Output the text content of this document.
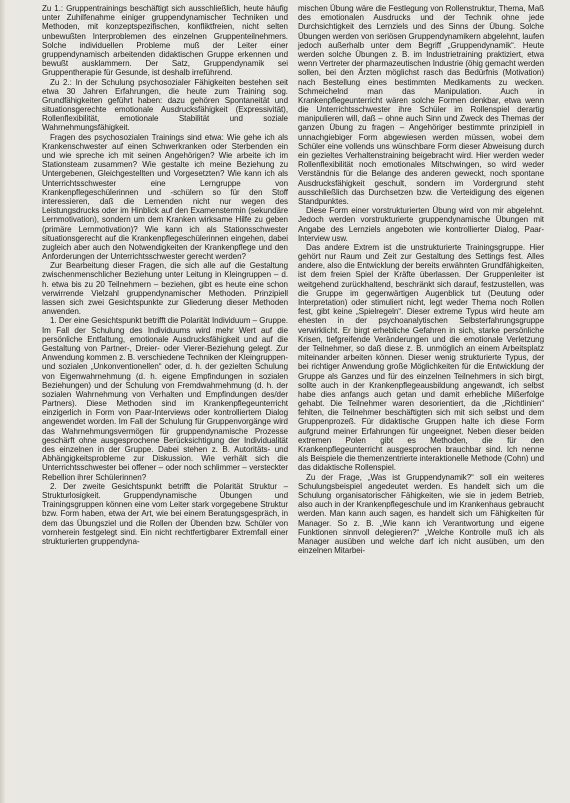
Zu 1.: Gruppentrainings beschäftigt sich ausschließlich, heute häufig unter Zuhilfenahme einiger gruppendynamischer Techniken und Methoden, mit konzeptspezifischen, konfliktfreien, nicht selten unbewußten Interproblemen des einzelnen Gruppenteilnehmers. Solche individuellen Probleme muß der Leiter einer gruppendynamisch arbeitenden didaktischen Gruppe erkennen und bewußt ausklammern. Der Satz, Gruppendynamik sei Gruppentherapie für Gesunde, ist deshalb irreführend.

Zu 2.: In der Schulung psychosozialer Fähigkeiten bestehen seit etwa 30 Jahren Erfahrungen, die heute zum Training sog. Grundfähigkeiten geführt haben: dazu gehören Spontaneität und situationsgerechte emotionale Ausdrucksfähigkeit (Expressivität), Rollenflexibilität, emotionale Stabilität und soziale Wahrnehmungsfähigkeit.

Fragen des psychosozialen Trainings sind etwa: Wie gehe ich als Krankenschwester auf einen Schwerkranken oder Sterbenden ein und wie spreche ich mit seinen Angehörigen? Wie arbeite ich im Stationsteam zusammen? Wie gestalte ich meine Beziehung zu Untergebenen, Gleichgestellten und Vorgesetzten? Wie kann ich als Unterrichtsschwester eine Lerngruppe von Krankenpflegeschülerinnen und -schülern so für den Stoff interessieren, daß die Lernenden nicht nur wegen des Leistungsdrucks oder im Hinblick auf den Examenstermin (sekundäre Lernmotivation), sondern um dem Kranken wirksame Hilfe zu geben (primäre Lernmotivation)? Wie kann ich als Stationsschwester situationsgerecht auf die Krankenpflegeschülerinnen eingehen, dabei zugleich aber auch den Notwendigkeiten der Krankenpflege und den Anforderungen der Unterrichtsschwester gerecht werden?

Zur Bearbeitung dieser Fragen, die sich alle auf die Gestaltung zwischenmenschlicher Beziehung unter Leitung in Kleingruppen – d. h. etwa bis zu 20 Teilnehmern – beziehen, gibt es heute eine schon verwirrende Vielzahl gruppendynamischer Methoden. Prinzipiell lassen sich zwei Gesichtspunkte zur Gliederung dieser Methoden anwenden.

1. Der eine Gesichtspunkt betrifft die Polarität Individuum – Gruppe. Im Fall der Schulung des Individuums wird mehr Wert auf die persönliche Entfaltung, emotionale Ausdrucksfähigkeit und auf die Gestaltung von Partner-, Dreier- oder Vierer-Beziehung gelegt. Zur Anwendung kommen z. B. verschiedene Techniken der Kleingruppen- und sozialen „Unkonventionellen“ oder, d. h. der gezielten Schulung von Eigenwahrnehmung (d. h. eigene Empfindungen in sozialen Beziehungen) und der Schulung von Fremdwahrnehmung (d. h. der sozialen Wahrnehmung von Verhalten und Empfindungen des/der Partners). Diese Methoden sind im Krankenpflegeunterricht einzigerlich in Form von Paar-Interviews oder kontrolliertem Dialog angewendet worden. Im Fall der Schulung für Gruppenvorgänge wird das Wahrnehmungsvermögen für gruppendynamische Prozesse geschärft ohne ausgesprochene Berücksichtigung der Individualität des einzelnen in der Gruppe. Dabei stehen z. B. Autoritäts- und Abhängigkeitsprobleme zur Diskussion. Wie verhält sich die Unterrichtsschwester bei offener – oder noch schlimmer – versteckter Rebellion ihrer Schülerinnen?

2. Der zweite Gesichtspunkt betrifft die Polarität Struktur – Strukturlosigkeit. Gruppendynamische Übungen und Trainingsgruppen können eine vom Leiter stark vorgegebene Struktur bzw. Form haben, etwa der Art, wie bei einem Beratungsgespräch, in dem das Übungsziel und die Rollen der Übenden bzw. Schüler von vornherein festgelegt sind. Ein nicht rechtfertigbarer Extremfall einer strukturierten gruppendyna-

mischen Übung wäre die Festlegung von Rollenstruktur, Thema, Maß des emotionalen Ausdrucks und der Technik ohne jede Durchsichtigkeit des Lernziels und des Sinns der Übung. Solche Übungen werden von seriösen Gruppendynamikern abgelehnt, laufen jedoch außerhalb unter dem Begriff „Gruppendynamik“. Heute werden solche Übungen z. B. im Industrietraining praktiziert, etwa wenn Vertreter der pharmazeutischen Industrie (öhig gemacht werden sollen, bei den Ärzten möglichst rasch das Bedürfnis (Motivation) nach Bestellung eines bestimmten Medikaments zu wecken. Schmeichelnd man das Manipulation. Auch in Krankenpflegeunterricht wären solche Formen denkbar, etwa wenn die Unterrichtsschwester ihre Schüler im Rollenspiel derartig manipulieren will, daß – ohne auch Sinn und Zweck des Themas der ganzen Übung zu fragen – Angehöriger bestimmte prinzipiell in unnachgiebiger Form abgewiesen werden müssen, wobei dem Schüler eine vollends uns wünschbare Form dieser Abweisung durch ein gezieltes Verhaltenstraining beigebracht wird. Hier werden weder Rollenflexibilität noch emotionales Mitschwingen, so wird weder Verständnis für die Belange des anderen geweckt, noch spontane Ausdrucksfähigkeit geschult, sondern im Vordergrund steht ausschließlich das Durchsetzen bzw. die Verteidigung des eigenen Standpunktes.

Diese Form einer vorstrukturierten Übung wird von mir abgelehnt. Jedoch werden vorstrukturierte gruppendynamische Übungen mit Angabe des Lernziels angeboten wie kontrollierter Dialog, Paar-Interview usw.

Das andere Extrem ist die unstrukturierte Trainingsgruppe. Hier gehört nur Raum und Zeit zur Gestaltung des Settings fest. Alles andere, also die Entwicklung der bereits erwähnten Grundfähigkeiten, ist dem freien Spiel der Kräfte überlassen. Der Gruppenleiter ist weitgehend zurückhaltend, beschränkt sich darauf, festzustellen, was die Gruppe im gegenwärtigen Augenblick tut (Deutung oder Interpretation) oder stimuliert nicht, legt weder Thema noch Rollen fest, gibt keine „Spielregeln“. Dieser extreme Typus wird heute am ehesten in der psychoanalytischen Selbsterfahrungsgruppe verwirklicht. Er birgt erhebliche Gefahren in sich, starke persönliche Krisen, tiefgreifende Veränderungen und die emotionale Verletzung der Teilnehmer, so daß diese z. B. unmöglich an einem Arbeitsplatz miteinander arbeiten können. Dieser wenig strukturierte Typus, der bei richtiger Anwendung große Möglichkeiten für die Entwicklung der Gruppe als Ganzes und für des einzelnen Teilnehmers in sich birgt, sollte auch in der Krankenpflegeausbildung angewandt, ich selbst habe dies anfangs auch getan und damit erhebliche Mißerfolge gehabt. Die Teilnehmer waren desorientiert, da die „Richtlinien“ fehlten, die Teilnehmer beschäftigten sich mit sich selbst und dem Gruppenprozeß. Für didaktische Gruppen halte ich diese Form aufgrund meiner Erfahrungen für ungeeignet. Neben dieser beiden extremen Polen gibt es Methoden, die für den Krankenpflegeunterricht ausgesprochen brauchbar sind. Ich nenne als Beispiele die themenzentrierte interaktionelle Methode (Cohn) und das didaktische Rollenspiel.

Zu der Frage, „Was ist Gruppendynamik?“ soll ein weiteres Schulungsbeispiel angedeutet werden. Es handelt sich um die Schulung organisatorischer Fähigkeiten, wie sie in jedem Betrieb, also auch in der Krankenpflegeschule und im Krankenhaus gebraucht werden. Man kann auch sagen, es handelt sich um Fähigkeiten für Manager. So z. B. „Wie kann ich Verantwortung und eigene Funktionen sinnvoll delegieren?“ „Welche Kontrolle muß ich als Manager ausüben und welche darf ich nicht ausüben, um den einzelnen Mitarbei-
